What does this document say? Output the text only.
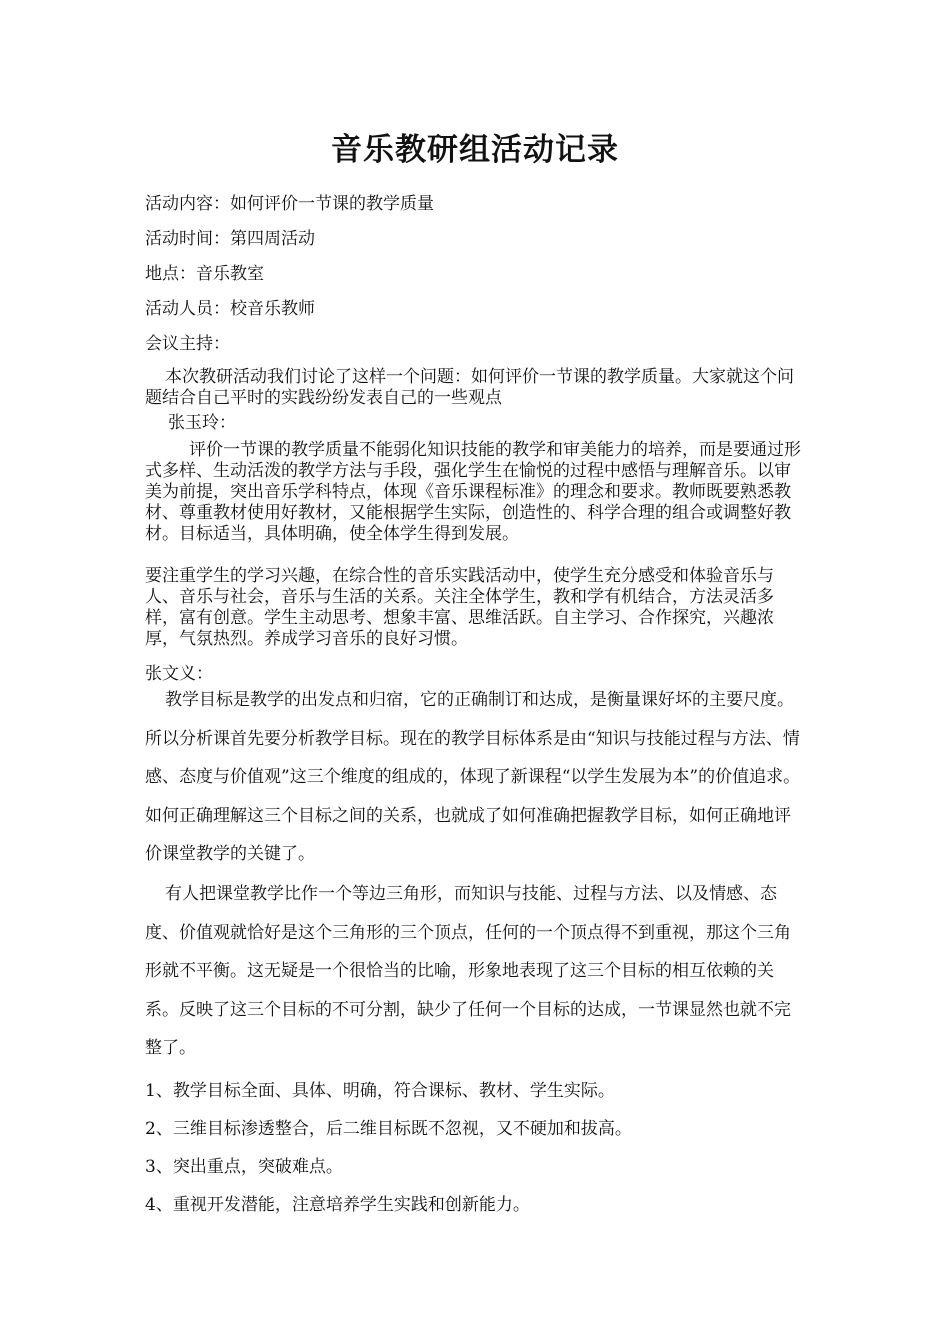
音乐教研组活动记录
活动内容：如何评价一节课的教学质量
活动时间：第四周活动
地点：音乐教室
活动人员：校音乐教师
会议主持：
本次教研活动我们讨论了这样一个问题：如何评价一节课的教学质量。大家就这个问题结合自己平时的实践纷纷发表自己的一些观点
张玉玲：
评价一节课的教学质量不能弱化知识技能的教学和审美能力的培养，而是要通过形式多样、生动活泼的教学方法与手段，强化学生在愉悦的过程中感悟与理解音乐。以审美为前提，突出音乐学科特点，体现《音乐课程标准》的理念和要求。教师既要熟悉教材、尊重教材使用好教材，又能根据学生实际，创造性的、科学合理的组合或调整好教材。目标适当，具体明确，使全体学生得到发展。
要注重学生的学习兴趣，在综合性的音乐实践活动中，使学生充分感受和体验音乐与人、音乐与社会，音乐与生活的关系。关注全体学生，教和学有机结合，方法灵活多样，富有创意。学生主动思考、想象丰富、思维活跃。自主学习、合作探究，兴趣浓厚，气氛热烈。养成学习音乐的良好习惯。
张文义：
教学目标是教学的出发点和归宿，它的正确制订和达成，是衡量课好坏的主要尺度。所以分析课首先要分析教学目标。现在的教学目标体系是由“知识与技能过程与方法、情感、态度与价值观”这三个维度的组成的，体现了新课程“以学生发展为本”的价值追求。如何正确理解这三个目标之间的关系，也就成了如何准确把握教学目标，如何正确地评价课堂教学的关键了。
有人把课堂教学比作一个等边三角形，而知识与技能、过程与方法、以及情感、态度、价值观就恰好是这个三角形的三个顶点，任何的一个顶点得不到重视，那这个三角形就不平衡。这无疑是一个很恰当的比喻，形象地表现了这三个目标的相互依赖的关系。反映了这三个目标的不可分割，缺少了任何一个目标的达成，一节课显然也就不完整了。
1、教学目标全面、具体、明确，符合课标、教材、学生实际。
2、三维目标渗透整合，后二维目标既不忽视，又不硬加和拔高。
3、突出重点，突破难点。
4、重视开发潜能，注意培养学生实践和创新能力。
